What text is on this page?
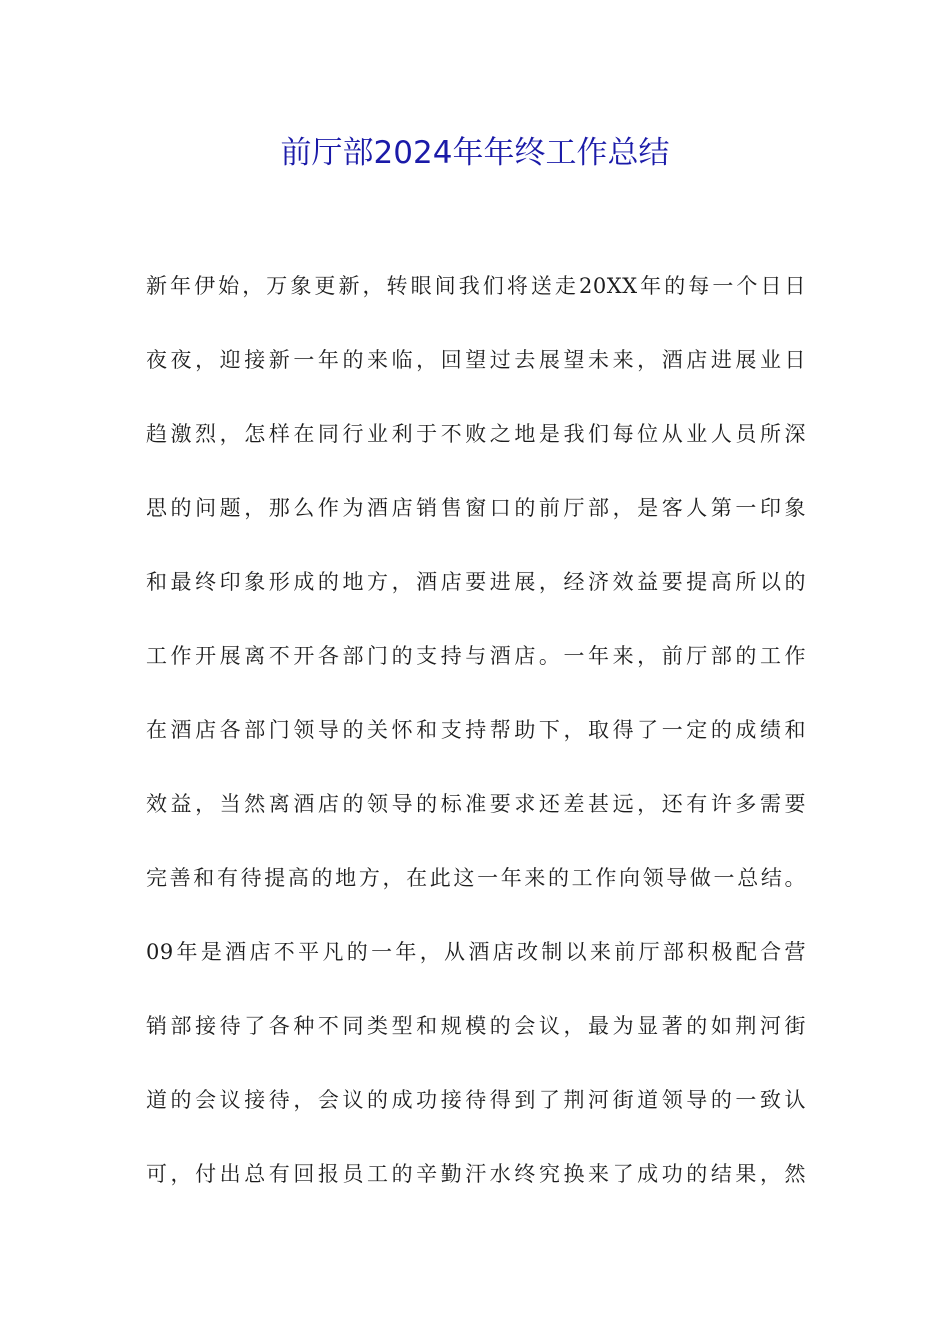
前厅部2024年年终工作总结
新年伊始，万象更新，转眼间我们将送走20XX年的每一个日日
夜夜，迎接新一年的来临，回望过去展望未来，酒店进展业日
趋激烈，怎样在同行业利于不败之地是我们每位从业人员所深
思的问题，那么作为酒店销售窗口的前厅部，是客人第一印象
和最终印象形成的地方，酒店要进展，经济效益要提高所以的
工作开展离不开各部门的支持与酒店。一年来，前厅部的工作
在酒店各部门领导的关怀和支持帮助下，取得了一定的成绩和
效益，当然离酒店的领导的标准要求还差甚远，还有许多需要
完善和有待提高的地方，在此这一年来的工作向领导做一总结。
09年是酒店不平凡的一年，从酒店改制以来前厅部积极配合营
销部接待了各种不同类型和规模的会议，最为显著的如荆河街
道的会议接待，会议的成功接待得到了荆河街道领导的一致认
可，付出总有回报员工的辛勤汗水终究换来了成功的结果，然
